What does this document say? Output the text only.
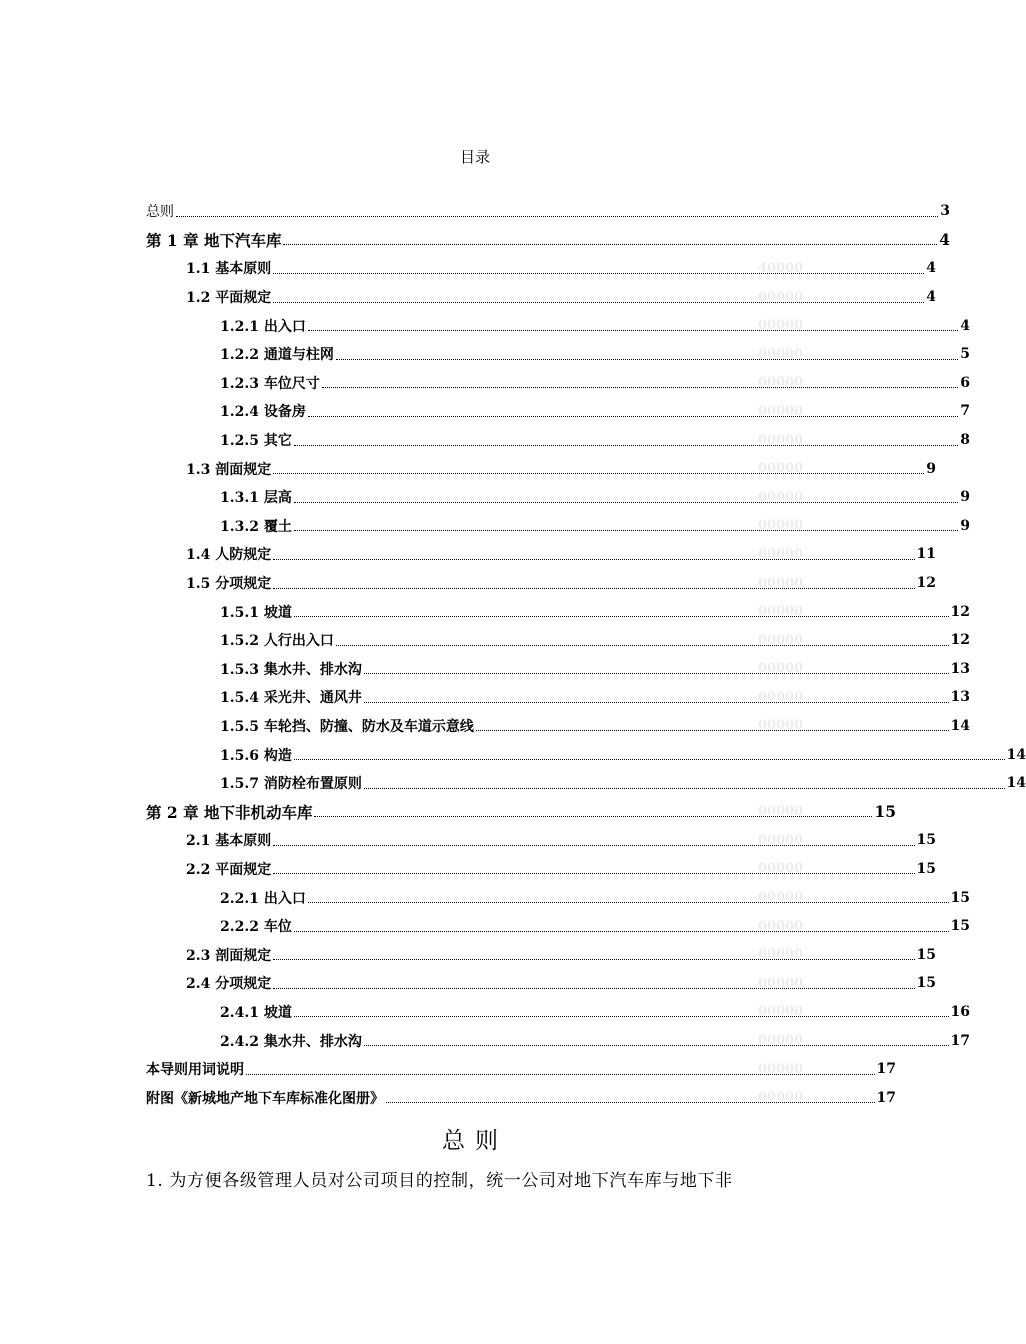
目录
总则	3
第 1 章 地下汽车库	4
1.1 基本原则	4
40000
1.2 平面规定	4
00000
1.2.1 出入口	4
00000
1.2.2 通道与柱网	5
00000
1.2.3 车位尺寸	6
00000
1.2.4 设备房	7
00000
1.2.5 其它	8
00000
1.3 剖面规定	9
00000
1.3.1 层高	9
00000
1.3.2 覆土	9
00000
1.4 人防规定	11
00000
1.5 分项规定	12
00000
1.5.1 坡道	12
00000
1.5.2 人行出入口	12
00000
1.5.3 集水井、排水沟	13
00000
1.5.4 采光井、通风井	13
00000
1.5.5 车轮挡、防撞、防水及车道示意线	14
00000
1.5.6 构造	14
1.5.7 消防栓布置原则	14
第 2 章 地下非机动车库	15
00000
2.1 基本原则	15
00000
2.2 平面规定	15
00000
2.2.1 出入口	15
00000
2.2.2 车位	15
00000
2.3 剖面规定	15
00000
2.4 分项规定	15
00000
2.4.1 坡道	16
00000
2.4.2 集水井、排水沟	17
00000
本导则用词说明	17
00000
附图《新城地产地下车库标准化图册》	17
00000
总则
1. 为方便各级管理人员对公司项目的控制，统一公司对地下汽车库与地下非
